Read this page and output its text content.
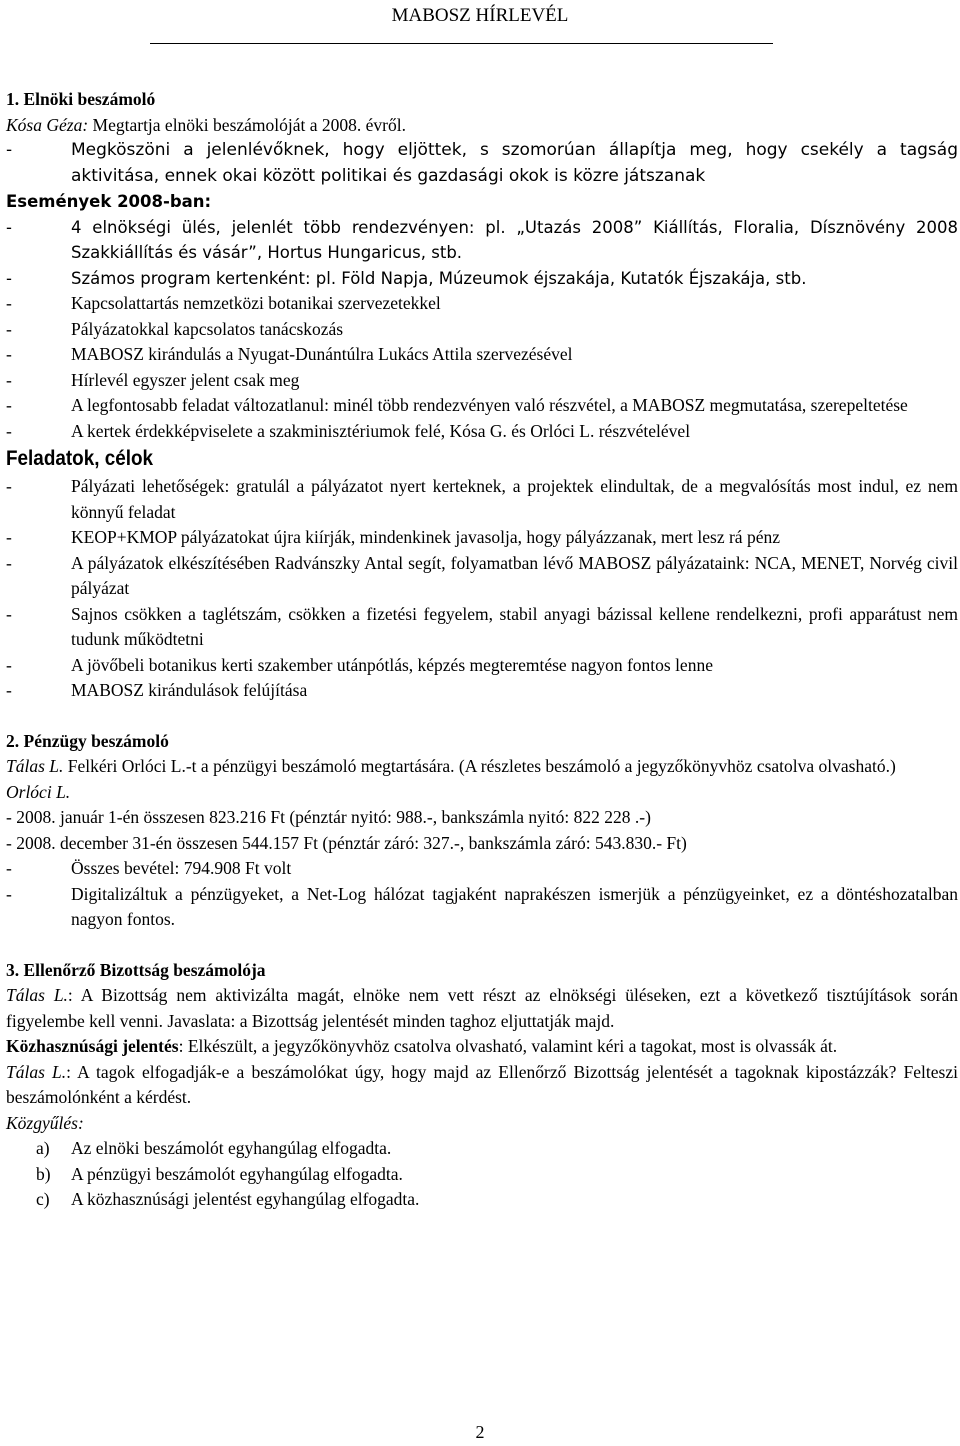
MABOSZ HÍRLEVÉL

1. Elnöki beszámoló

Kósa Géza: Megtartja elnöki beszámolóját a 2008. évről.

- Megköszöni a jelenlévőknek, hogy eljöttek, s szomorúan állapítja meg, hogy csekély a tagság aktivitása, ennek okai között politikai és gazdasági okok is közre játszanak

Események 2008-ban:

- 4 elnökségi ülés, jelenlét több rendezvényen: pl. „Utazás 2008” Kiállítás, Floralia, Dísznövény 2008 Szakkiállítás és vásár”, Hortus Hungaricus, stb.
- Számos program kertenként: pl. Föld Napja, Múzeumok éjszakája, Kutatók Éjszakája, stb.
- Kapcsolattartás nemzetközi botanikai szervezetekkel
- Pályázatokkal kapcsolatos tanácskozás
- MABOSZ kirándulás a Nyugat-Dunántúlra Lukács Attila szervezésével
- Hírlevél egyszer jelent csak meg
- A legfontosabb feladat változatlanul: minél több rendezvényen való részvétel, a MABOSZ megmutatása, szerepeltetése
- A kertek érdekképviselete a szakminisztériumok felé, Kósa G. és Orlóci L. részvételével

Feladatok, célok

- Pályázati lehetőségek: gratulál a pályázatot nyert kerteknek, a projektek elindultak, de a megvalósítás most indul, ez nem könnyű feladat
- KEOP+KMOP pályázatokat újra kiírják, mindenkinek javasolja, hogy pályázzanak, mert lesz rá pénz
- A pályázatok elkészítésében Radvánszky Antal segít, folyamatban lévő MABOSZ pályázataink: NCA, MENET, Norvég civil pályázat
- Sajnos csökken a taglétszám, csökken a fizetési fegyelem, stabil anyagi bázissal kellene rendelkezni, profi apparátust nem tudunk működtetni
- A jövőbeli botanikus kerti szakember utánpótlás, képzés megteremtése nagyon fontos lenne
- MABOSZ kirándulások felújítása

2. Pénzügy beszámoló

Tálas L. Felkéri Orlóci L.-t a pénzügyi beszámoló megtartására. (A részletes beszámoló a jegyzőkönyvhöz csatolva olvasható.)

Orlóci L.

- 2008. január 1-én összesen 823.216 Ft (pénztár nyitó: 988.-, bankszámla nyitó: 822 228 .-)

- 2008. december 31-én összesen 544.157 Ft (pénztár záró: 327.-, bankszámla záró: 543.830.- Ft)

- Összes bevétel: 794.908 Ft volt
- Digitalizáltuk a pénzügyeket, a Net-Log hálózat tagjaként naprakészen ismerjük a pénzügyeinket, ez a döntéshozatalban nagyon fontos.

3. Ellenőrző Bizottság beszámolója

Tálas L.: A Bizottság nem aktivizálta magát, elnöke nem vett részt az elnökségi üléseken, ezt a következő tisztújítások során figyelembe kell venni. Javaslata: a Bizottság jelentését minden taghoz eljuttatják majd.

Közhasznúsági jelentés: Elkészült, a jegyzőkönyvhöz csatolva olvasható, valamint kéri a tagokat, most is olvassák át.

Tálas L.: A tagok elfogadják-e a beszámolókat úgy, hogy majd az Ellenőrző Bizottság jelentését a tagoknak kipostázzák? Felteszi beszámolónként a kérdést.

Közgyűlés:

a) Az elnöki beszámolót egyhangúlag elfogadta.
b) A pénzügyi beszámolót egyhangúlag elfogadta.
c) A közhasznúsági jelentést egyhangúlag elfogadta.
2
